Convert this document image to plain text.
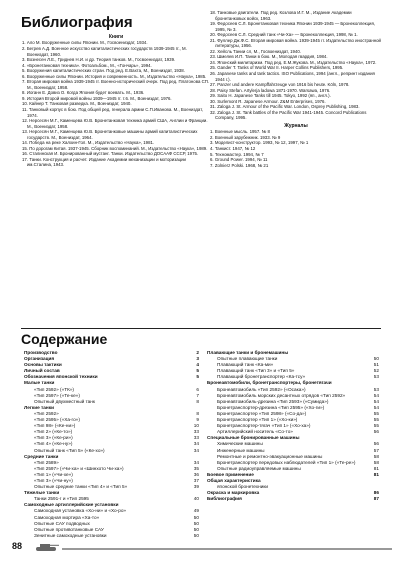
Библиография
Книги
1. Ало М. Вооруженные силы Японии. М., Госвоениздат, 1934.
2. Бегрев А.Д. Военное искусство капиталистических государств 1939-1945 гг., М. Воениздат, 1960.
3. Вознесен Л.Е., Гриднев Н.И. и др. Теория танков. М., Госвоениздат, 1939.
4. «Бронетанковая техника». Фотоальбом., М., «Гончарь», 1994.
5. Вооружения капиталистических стран. Под ред. Е.Вахта, М., Воениздат, 1938.
6. Вооруженные силы Японии. История и современность. М., Издательство «Наука», 1985.
7. Вторая мировая война 1939-1945 гг. Военно-исторический очерк. Под ред. Платонова СП. М., Воениздат, 1958.
8. Иоганн Е. Довиз О. Когда Япония будет воевать. М., 1936.
9. История Второй мировой войны 1939—1945 гг. т.6. М., Воениздат, 1976.
10. Кайнер Т. Танковая разведка. М., Воениздат, 1940.
11. Танковый корпус в бою. Под общей ред. генерала армии С.П.Иванова. М., Воениздат, 1974.
12. Нерсесян М.Г., Каменцева Ю.В. Бронетанковая техника армий США, Англии и Франции. М., Воениздат, 1958.
13. Нерсесян М.Г., Каменцева Ю.В. Бронетанковые машины армий капиталистических государств. М., Воениздат, 1964.
14. Победа на реке Халхин-Гол. М., Издательство «Наука», 1981.
15. По дорогам Китая. 1937-1945. Сборник воспоминаний. М., Издательство «Наука», 1989.
16. Сталинская И. Бронированный мустанг. Танки. Издательство ДОСААФ СССР, 1975.
17. Танки. Конструкция и расчет. Издание Академии механизации и моторизации им.Сталина, 1943.
18. Танковые двигатели. Под ред. Козлова И.Г. М., Издание Академии бронетанковых войск, 1963.
19. Федосеев С.Л. Бронетанковая техника Японии 1939-1945 — Бронеколлекция, 1995, № 3.
20. Федосеев С.Л. Средний танк «Чи-Ха» — Бронеколлекция, 1998, № 1.
21. Фуллер Дж.Ф.С. Вторая мировая война. 1939-1945 гг. Издательство иностранной литературы, 1956.
22. Хейсль Тании сл, М., Госвоениздат, 1940.
23. Шмелев И.П. Танки в бою. М., Молодая гвардия, 1984.
24. Японский милитаризм. Под ред. Е.М.Жукова. М., Издательство «Наука», 1972.
25. Gander T. Tanks of World War II. Harper Collins Publishers, 1995.
26. Japanese tanks and tank tactics. ISO Publications, 1994 (англ., репринт издания 1944 г.).
27. Panzer und andere Kampffahrzeuge von 1916 bis heute. Köln, 1978.
28. Paisy Stefan. Artylerja ladowa 1871-1970. Warsawa, 1976.
29. Saito H. Japanese Tanks till 1945. Tokyo, 1992 (яп., англ.).
30. Surlemont R. Japanese Armour. Z&M Enterprises, 1976.
31. Zaloga J. St. Armour of the Pacific War. London, Osprey Publishing, 1983.
32. Zaloga J. St. Tank battles of the Pacific War 1941-1945. Concord Publications Company, 1995.
Журналы
1. Военные мысль. 1957. № 8
2. Военный зарубежник. 1933. № 9
3. Моделист-конструктор. 1993, № 12, 1997, № 1
4. Танкист. 1947, № 12
5. Техномастер. 1994, № 7
6. Ground Power. 1994, № 11
7. Zolnierz Polski. 1968, № 21
Содержание
Производство	2
Организация	3
Основы тактики	4
Личный состав	5
Обозначения японской техники	5
Малые танки
«Тип 2592» («ТК»)	6
«Тип 2597» («Те-ке»)	7
Опытный двухместный танк	8
Легкие танки
«Тип 2592»	8
«Тип 2595» («Ха-го»)	9
«Тип 98» («Ке-ни»)	10
«Тип 2» («Ке-то»)	33
«Тип 3» («Ке-ри»)	33
«Тип 4» («Ке-ну»)	34
Опытный танк «Тип 5» («Ке-хо»)	34
Средние танки
«Тип 2589»	34
«Тип 2597» («Чи-ха» и «Шинхото Чи-ха»)	35
«Тип 1» («Чи-хе»)	36
«Тип 3» («Чи-ну»)	37
Опытные средние танки «Тип 4» и «Тип 5»	39
Тяжелые танки
Танки 2591-г и «Тип 2595	40
Самоходные артиллерийские установки
Самоходная установка «Хо-ни» и «Хо-ро»	49
Самоходная мортира «Ха-то»	50
Опытные САУ подводных	50
Опытные противотанковые САУ	50
Зенитные самоходные установки	50
Плавающие танки и бронемашины
Опытные плавающие танки	50
Плавающий танк «Ка-ми»	51
Плавающий танк «Тип 3» и «Тип 5»	52
Плавающий бронетранспортер «Ка-тсу»	53
Бронеавтомобили, бронетранспортеры, бронетягачи
Бронеавтомобиль «Тип 2592» («Осака»)	53
Бронеавтомобиль морских десантных отрядов «Тип 2592»	54
Бронеавтомобиль-дрезина «Тип 2593» («Сумида»)	54
Бронетранспортер-дрезина «Тип 2595» («Хо-ги»)	54
Бронетранспортер «Тип 2598» («Со-да»)	55
Бронетранспортер «Тип 1» («Хо-ки»)	55
Бронетранспортер-тягач «Тип 1» («Хо-ха»)	55
Артиллерийский носитель «Со-то»	56
Специальные бронированные машины
Химические машины	56
Инженерные машины	57
Ремонтные и ремонтно-эвакуационные машины	58
Бронетранспортер передовых наблюдателей «Тип 1» («Те-ре»)	58
Опытные радиоуправляемые машины	81
Боевое применение	81
Общая характеристика
японской бронетехники
Окраска и маркировка	86
Библиография	87
88
